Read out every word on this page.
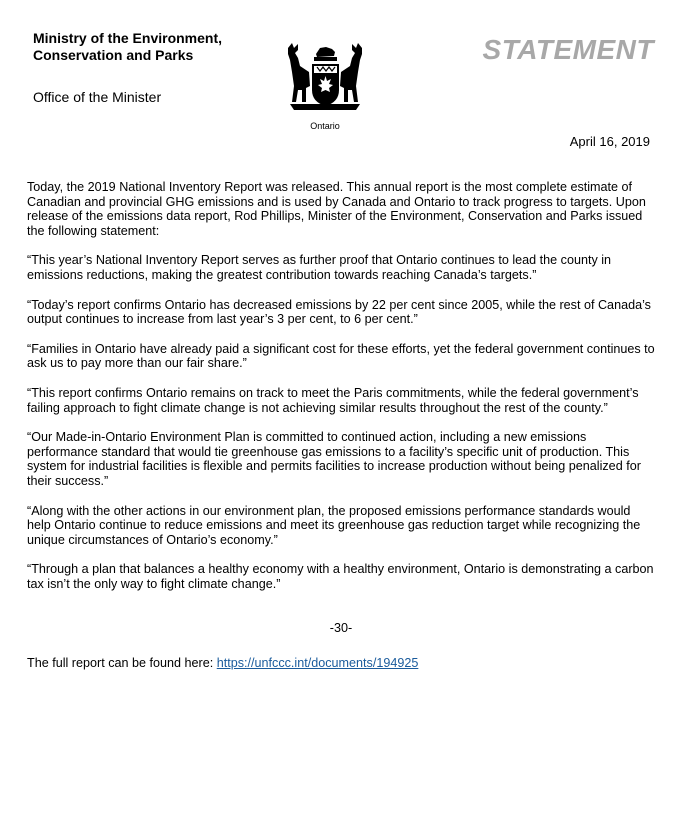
Ministry of the Environment,
Conservation and Parks
Office of the Minister
Ontario
STATEMENT
April 16, 2019

Today, the 2019 National Inventory Report was released. This annual report is the most complete estimate of Canadian and provincial GHG emissions and is used by Canada and Ontario to track progress to targets. Upon release of the emissions data report, Rod Phillips, Minister of the Environment, Conservation and Parks issued the following statement:

“This year’s National Inventory Report serves as further proof that Ontario continues to lead the county in emissions reductions, making the greatest contribution towards reaching Canada’s targets.”

“Today’s report confirms Ontario has decreased emissions by 22 per cent since 2005, while the rest of Canada’s output continues to increase from last year’s 3 per cent, to 6 per cent.”

“Families in Ontario have already paid a significant cost for these efforts, yet the federal government continues to ask us to pay more than our fair share.”

“This report confirms Ontario remains on track to meet the Paris commitments, while the federal government’s failing approach to fight climate change is not achieving similar results throughout the rest of the county.”

“Our Made-in-Ontario Environment Plan is committed to continued action, including a new emissions performance standard that would tie greenhouse gas emissions to a facility’s specific unit of production. This system for industrial facilities is flexible and permits facilities to increase production without being penalized for their success.”

“Along with the other actions in our environment plan, the proposed emissions performance standards would help Ontario continue to reduce emissions and meet its greenhouse gas reduction target while recognizing the unique circumstances of Ontario’s economy.”

“Through a plan that balances a healthy economy with a healthy environment, Ontario is demonstrating a carbon tax isn’t the only way to fight climate change.”

-30-
The full report can be found here: https://unfccc.int/documents/194925
